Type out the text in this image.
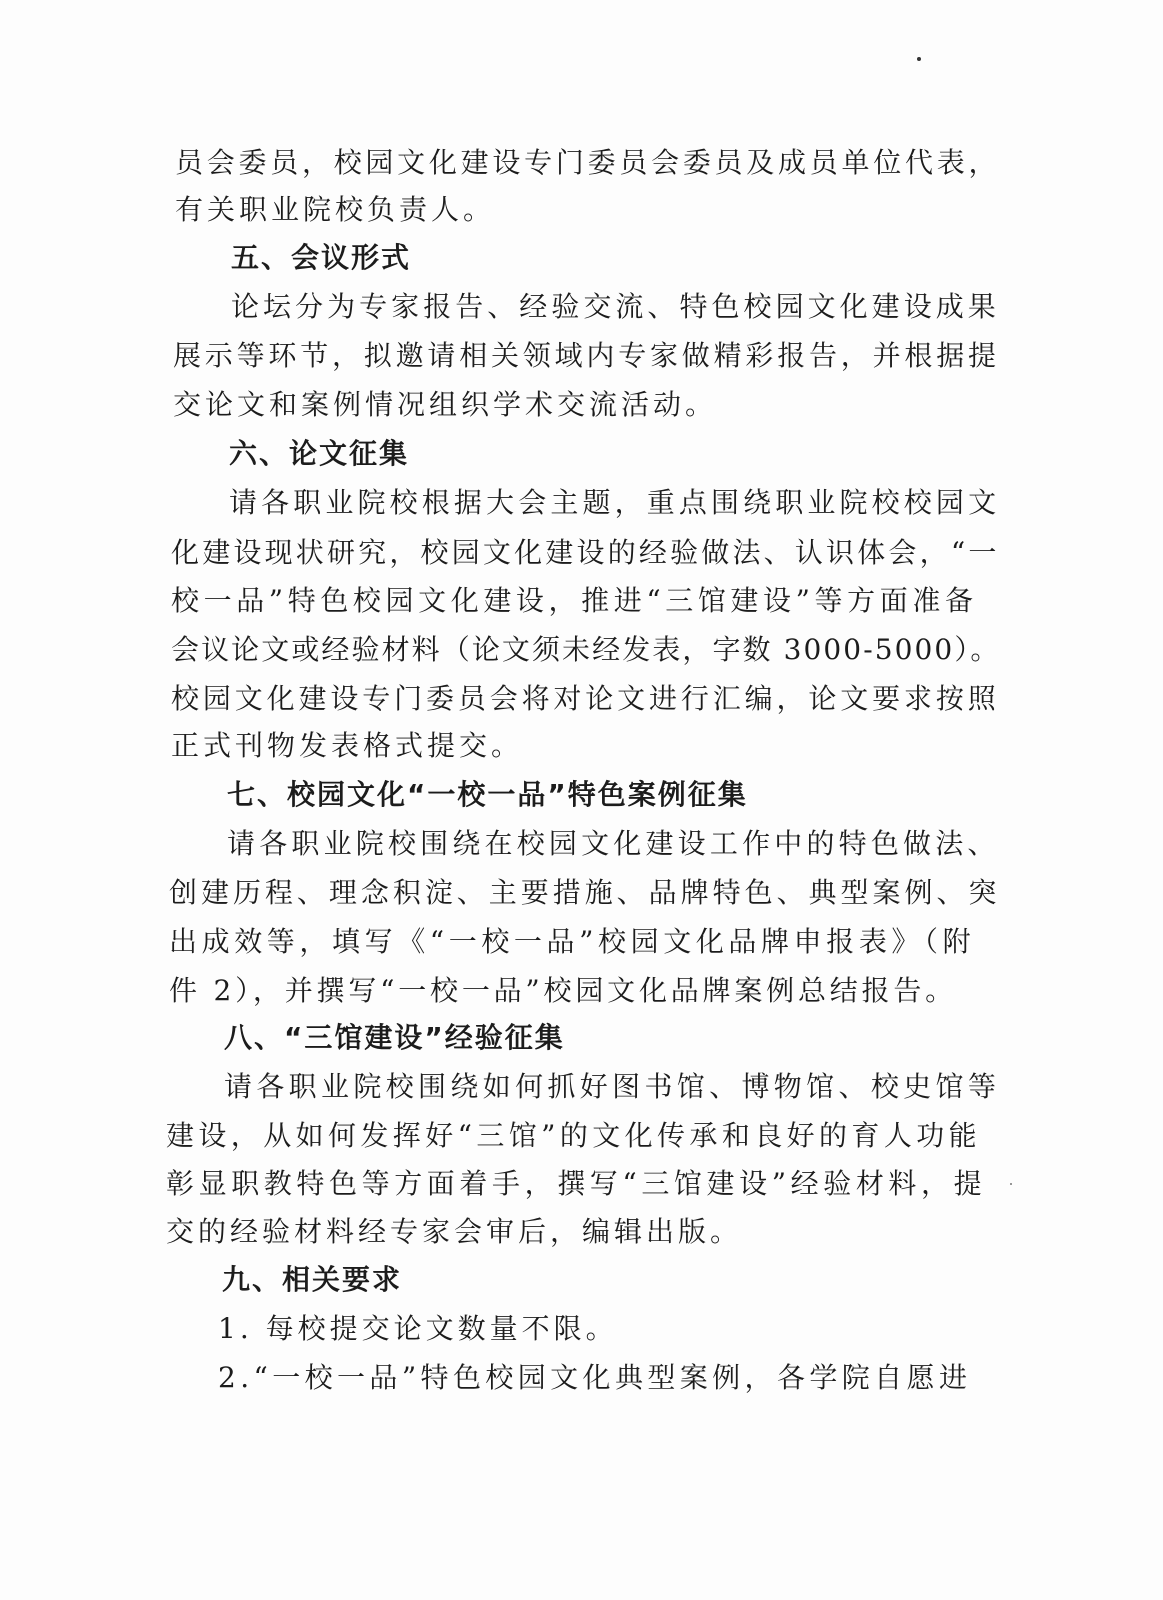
员会委员，校园文化建设专门委员会委员及成员单位代表，
有关职业院校负责人。
五、会议形式
论坛分为专家报告、经验交流、特色校园文化建设成果
展示等环节，拟邀请相关领域内专家做精彩报告，并根据提
交论文和案例情况组织学术交流活动。
六、论文征集
请各职业院校根据大会主题，重点围绕职业院校校园文
化建设现状研究，校园文化建设的经验做法、认识体会，“一
校一品”特色校园文化建设，推进“三馆建设”等方面准备
会议论文或经验材料（论文须未经发表，字数 3000-5000）。
校园文化建设专门委员会将对论文进行汇编，论文要求按照
正式刊物发表格式提交。
七、校园文化“一校一品”特色案例征集
请各职业院校围绕在校园文化建设工作中的特色做法、
创建历程、理念积淀、主要措施、品牌特色、典型案例、突
出成效等，填写《“一校一品”校园文化品牌申报表》（附
件 2），并撰写“一校一品”校园文化品牌案例总结报告。
八、“三馆建设”经验征集
请各职业院校围绕如何抓好图书馆、博物馆、校史馆等
建设，从如何发挥好“三馆”的文化传承和良好的育人功能
彰显职教特色等方面着手，撰写“三馆建设”经验材料，提
交的经验材料经专家会审后，编辑出版。
九、相关要求
1. 每校提交论文数量不限。
2.“一校一品”特色校园文化典型案例，各学院自愿进
